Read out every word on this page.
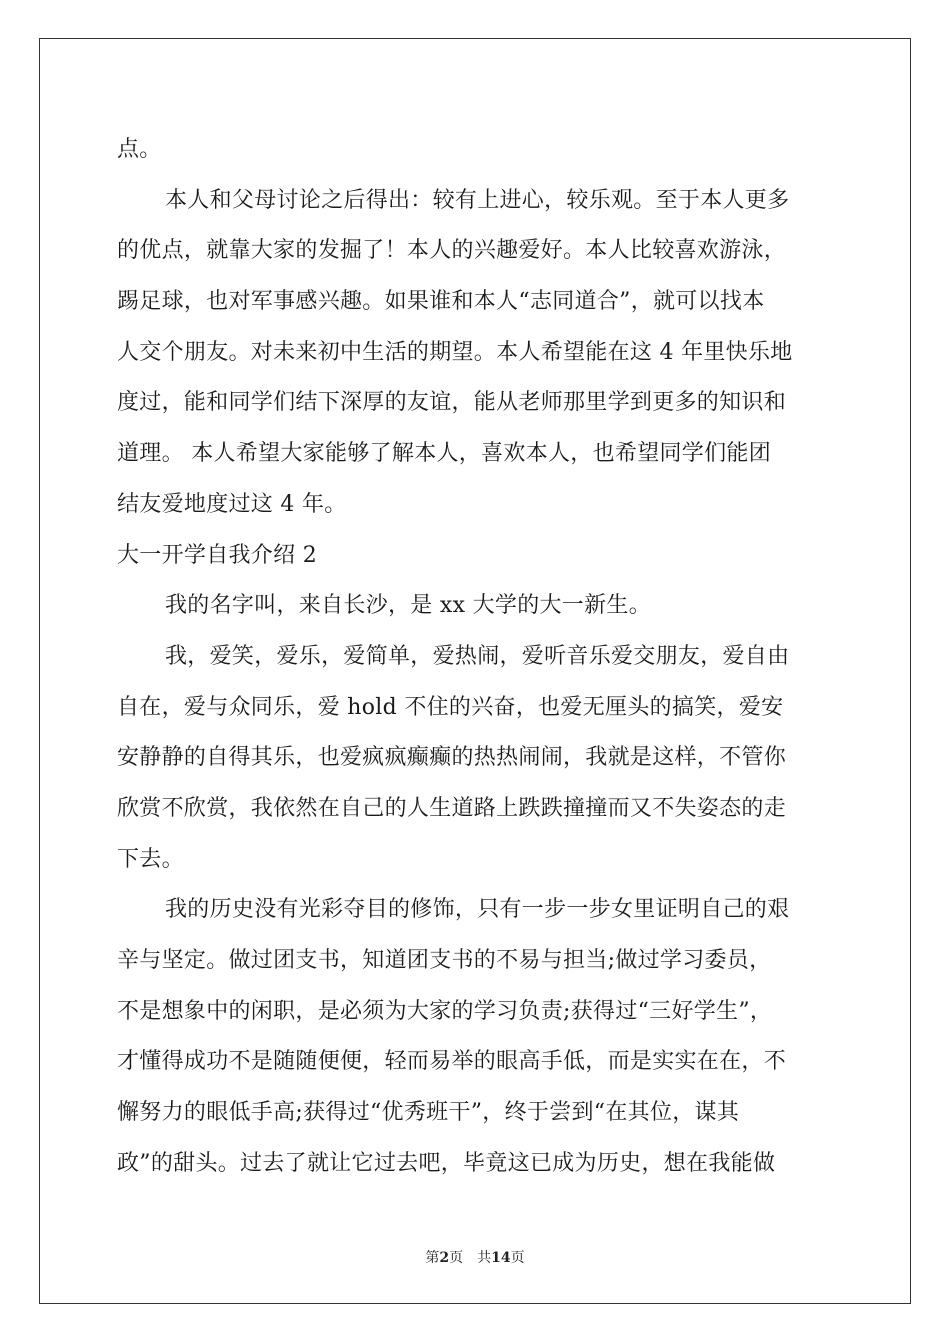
点。
本人和父母讨论之后得出：较有上进心，较乐观。至于本人更多
的优点，就靠大家的发掘了！本人的兴趣爱好。本人比较喜欢游泳，
踢足球，也对军事感兴趣。如果谁和本人“志同道合”，就可以找本
人交个朋友。对未来初中生活的期望。本人希望能在这 4 年里快乐地
度过，能和同学们结下深厚的友谊，能从老师那里学到更多的知识和
道理。 本人希望大家能够了解本人，喜欢本人，也希望同学们能团
结友爱地度过这 4 年。
大一开学自我介绍 2
我的名字叫，来自长沙，是 xx 大学的大一新生。
我，爱笑，爱乐，爱简单，爱热闹，爱听音乐爱交朋友，爱自由
自在，爱与众同乐，爱 hold 不住的兴奋，也爱无厘头的搞笑，爱安
安静静的自得其乐，也爱疯疯癫癫的热热闹闹，我就是这样，不管你
欣赏不欣赏，我依然在自己的人生道路上跌跌撞撞而又不失姿态的走
下去。
我的历史没有光彩夺目的修饰，只有一步一步女里证明自己的艰
辛与坚定。做过团支书，知道团支书的不易与担当;做过学习委员，
不是想象中的闲职，是必须为大家的学习负责;获得过“三好学生”，
才懂得成功不是随随便便，轻而易举的眼高手低，而是实实在在，不
懈努力的眼低手高;获得过“优秀班干”，终于尝到“在其位，谋其
政”的甜头。过去了就让它过去吧，毕竟这已成为历史，想在我能做
第2页 共14页
